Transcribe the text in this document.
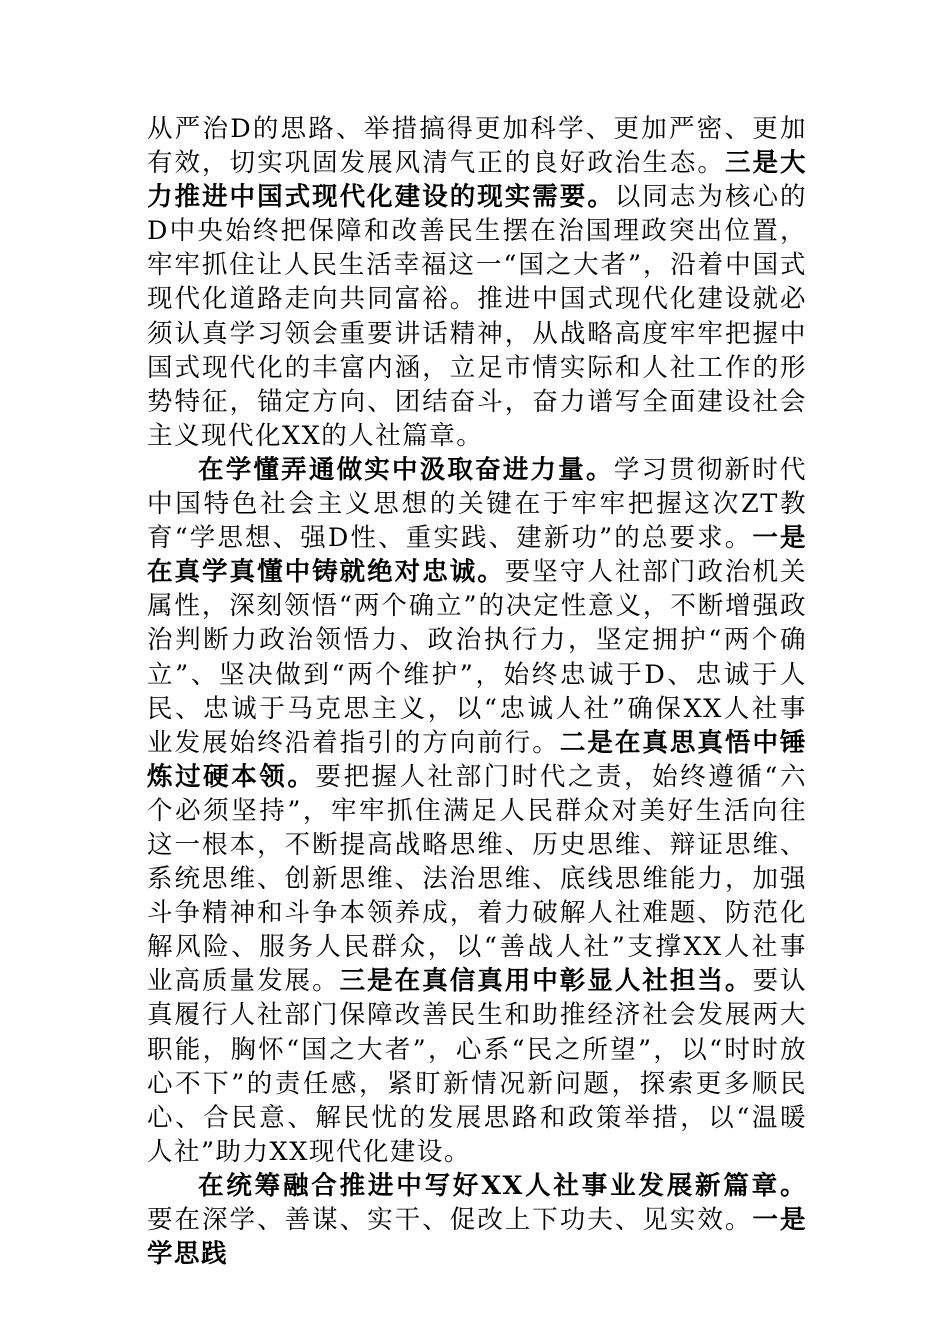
从严治D的思路、举措搞得更加科学、更加严密、更加有效，切实巩固发展风清气正的良好政治生态。三是大力推进中国式现代化建设的现实需要。以同志为核心的D中央始终把保障和改善民生摆在治国理政突出位置，牢牢抓住让人民生活幸福这一“国之大者”，沿着中国式现代化道路走向共同富裕。推进中国式现代化建设就必须认真学习领会重要讲话精神，从战略高度牢牢把握中国式现代化的丰富内涵，立足市情实际和人社工作的形势特征，锚定方向、团结奋斗，奋力谱写全面建设社会主义现代化XX的人社篇章。

在学懂弄通做实中汲取奋进力量。学习贯彻新时代中国特色社会主义思想的关键在于牢牢把握这次ZT教育“学思想、强D性、重实践、建新功”的总要求。一是在真学真懂中铸就绝对忠诚。要坚守人社部门政治机关属性，深刻领悟“两个确立”的决定性意义，不断增强政治判断力政治领悟力、政治执行力，坚定拥护“两个确立”、坚决做到“两个维护”，始终忠诚于D、忠诚于人民、忠诚于马克思主义，以“忠诚人社”确保XX人社事业发展始终沿着指引的方向前行。二是在真思真悟中锤炼过硬本领。要把握人社部门时代之责，始终遵循“六个必须坚持”，牢牢抓住满足人民群众对美好生活向往这一根本，不断提高战略思维、历史思维、辩证思维、系统思维、创新思维、法治思维、底线思维能力，加强斗争精神和斗争本领养成，着力破解人社难题、防范化解风险、服务人民群众，以“善战人社”支撑XX人社事业高质量发展。三是在真信真用中彰显人社担当。要认真履行人社部门保障改善民生和助推经济社会发展两大职能，胸怀“国之大者”，心系“民之所望”，以“时时放心不下”的责任感，紧盯新情况新问题，探索更多顺民心、合民意、解民忧的发展思路和政策举措，以“温暖人社”助力XX现代化建设。

在统筹融合推进中写好XX人社事业发展新篇章。要在深学、善谋、实干、促改上下功夫、见实效。一是学思践
